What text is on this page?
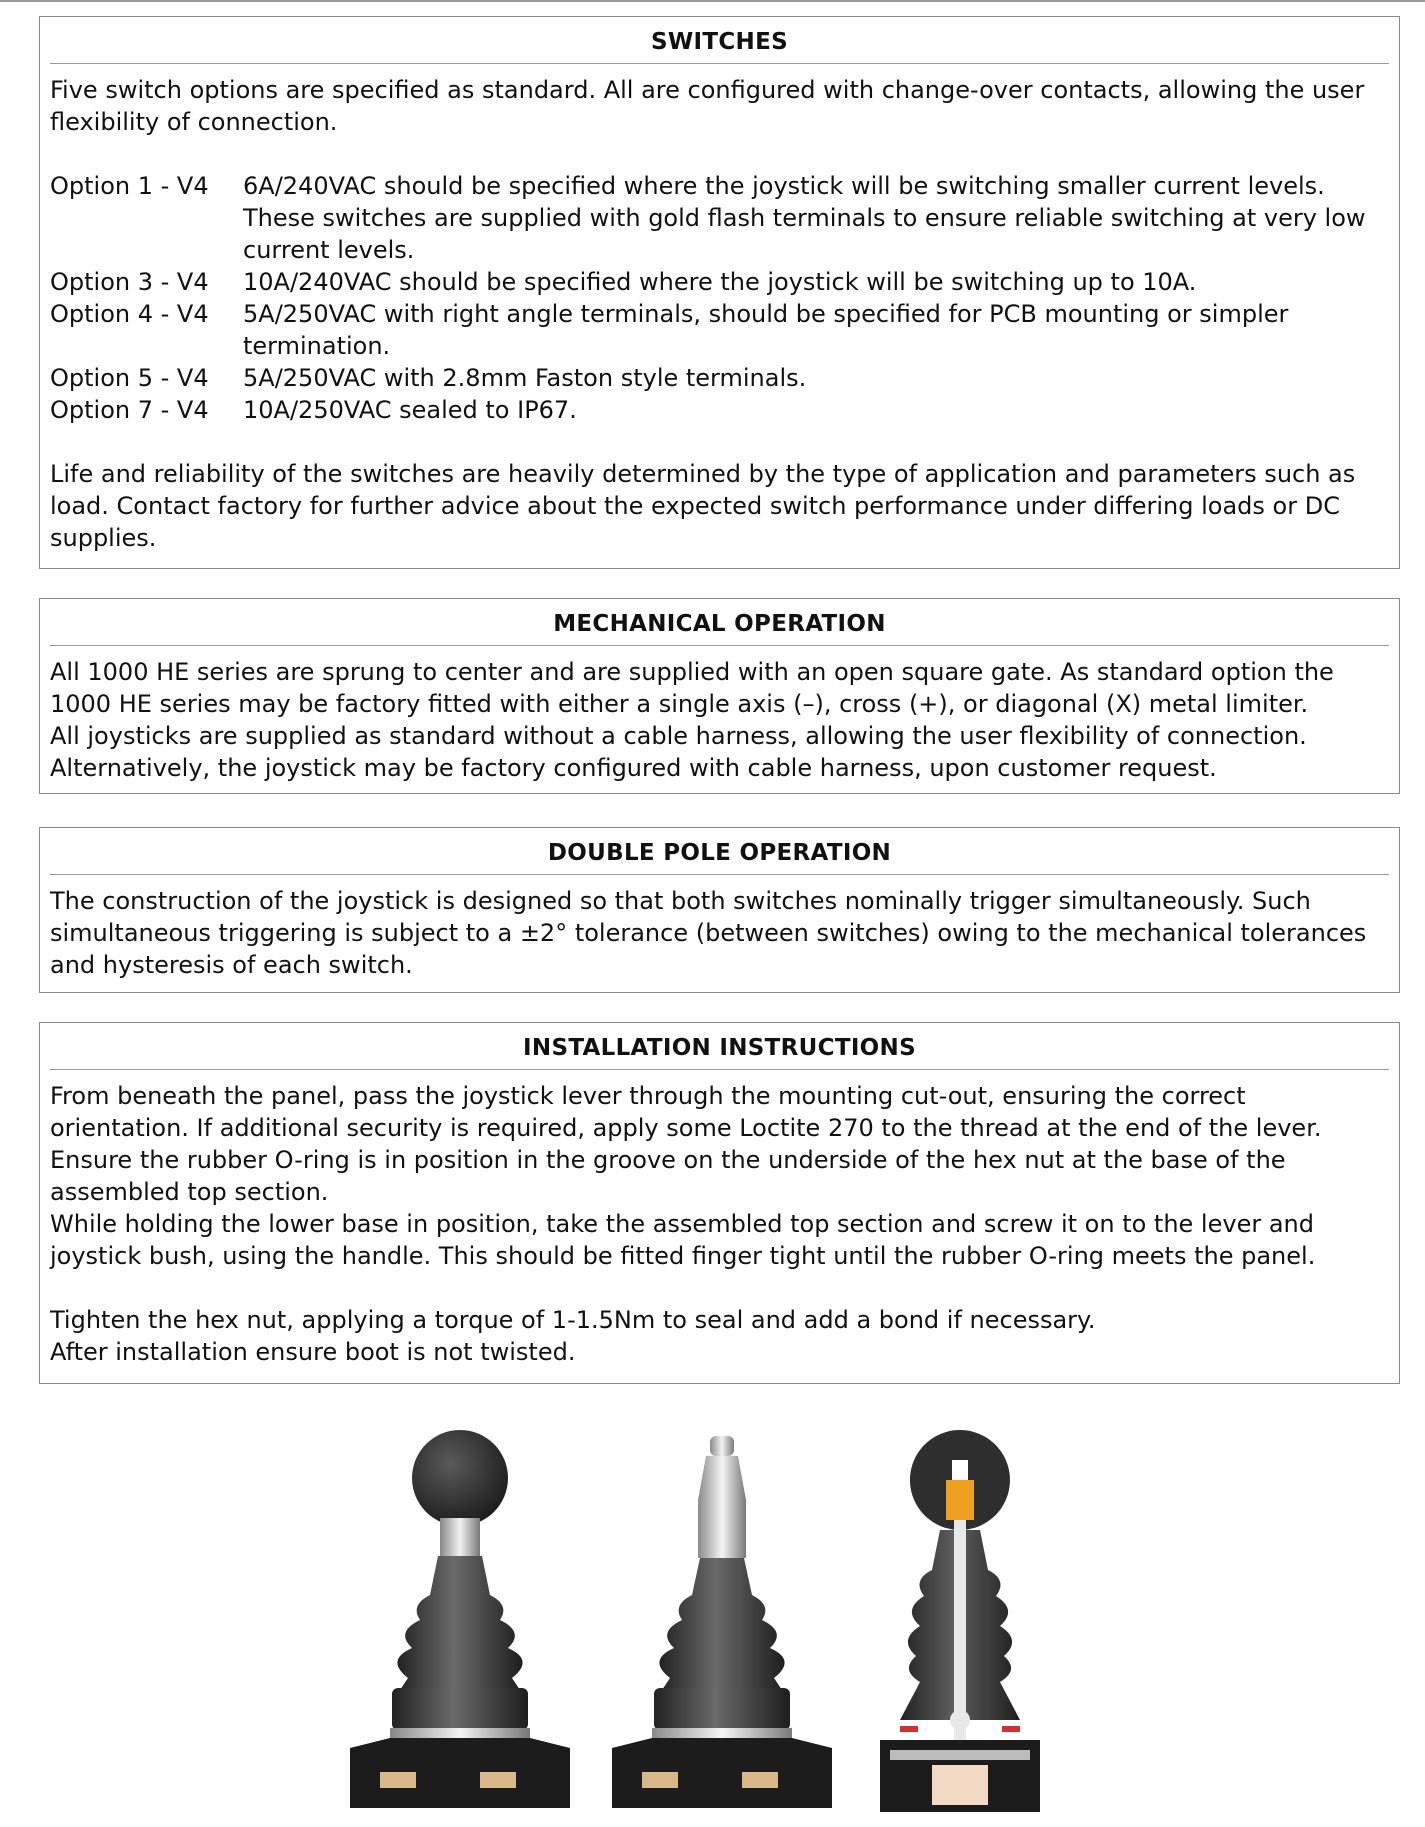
SWITCHES

Five switch options are specified as standard. All are configured with change-over contacts, allowing the user flexibility of connection.

Option 1 - V4	6A/240VAC should be specified where the joystick will be switching smaller current levels. These switches are supplied with gold flash terminals to ensure reliable switching at very low current levels.
Option 3 - V4	10A/240VAC should be specified where the joystick will be switching up to 10A.
Option 4 - V4	5A/250VAC with right angle terminals, should be specified for PCB mounting or simpler termination.
Option 5 - V4	5A/250VAC with 2.8mm Faston style terminals.
Option 7 - V4	10A/250VAC sealed to IP67.

Life and reliability of the switches are heavily determined by the type of application and parameters such as load. Contact factory for further advice about the expected switch performance under differing loads or DC supplies.

MECHANICAL OPERATION

All 1000 HE series are sprung to center and are supplied with an open square gate. As standard option the 1000 HE series may be factory fitted with either a single axis (–), cross (+), or diagonal (X) metal limiter.

All joysticks are supplied as standard without a cable harness, allowing the user flexibility of connection.

Alternatively, the joystick may be factory configured with cable harness, upon customer request.

DOUBLE POLE OPERATION

The construction of the joystick is designed so that both switches nominally trigger simultaneously. Such simultaneous triggering is subject to a ±2° tolerance (between switches) owing to the mechanical tolerances and hysteresis of each switch.

INSTALLATION INSTRUCTIONS

From beneath the panel, pass the joystick lever through the mounting cut-out, ensuring the correct orientation. If additional security is required, apply some Loctite 270 to the thread at the end of the lever.

Ensure the rubber O-ring is in position in the groove on the underside of the hex nut at the base of the assembled top section.

While holding the lower base in position, take the assembled top section and screw it on to the lever and joystick bush, using the handle. This should be fitted finger tight until the rubber O-ring meets the panel.

Tighten the hex nut, applying a torque of 1-1.5Nm to seal and add a bond if necessary.

After installation ensure boot is not twisted.
